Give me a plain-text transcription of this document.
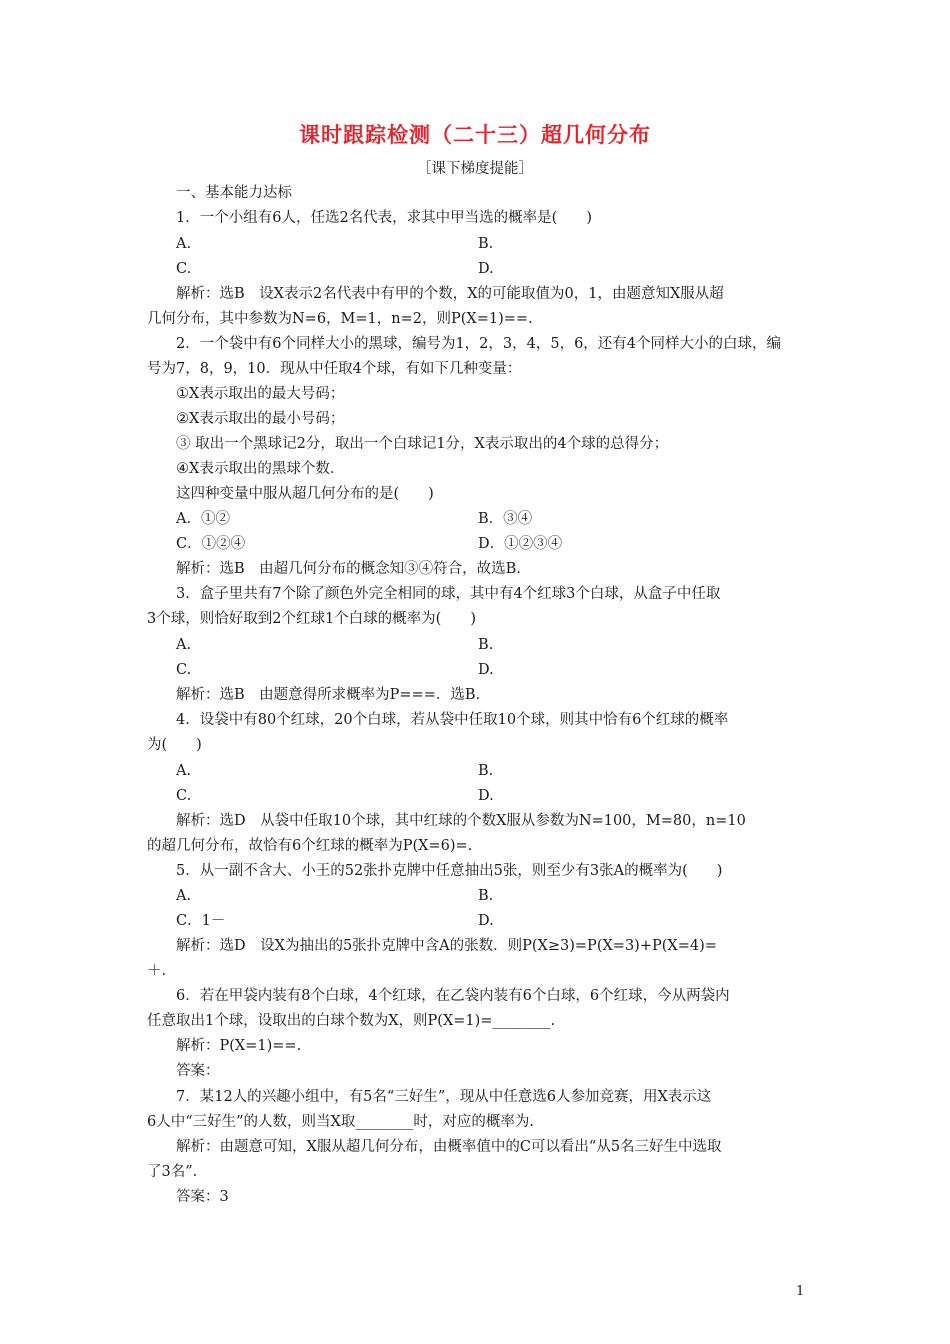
课时跟踪检测（二十三）超几何分布
［课下梯度提能］
一、基本能力达标
1．一个小组有6人，任选2名代表，求其中甲当选的概率是(　　)
A.	B.
C.	D.
解析：选B　设X表示2名代表中有甲的个数，X的可能取值为0，1，由题意知X服从超
几何分布，其中参数为N=6，M=1，n=2，则P(X=1)==.
2．一个袋中有6个同样大小的黑球，编号为1，2，3，4，5，6，还有4个同样大小的白球，编
号为7，8，9，10．现从中任取4个球，有如下几种变量：
①X表示取出的最大号码；
②X表示取出的最小号码；
③ 取出一个黑球记2分，取出一个白球记1分，X表示取出的4个球的总得分；
④X表示取出的黑球个数．
这四种变量中服从超几何分布的是(　　)
A．①②	B．③④
C．①②④	D．①②③④
解析：选B　由超几何分布的概念知③④符合，故选B.
3．盒子里共有7个除了颜色外完全相同的球，其中有4个红球3个白球，从盒子中任取
3个球，则恰好取到2个红球1个白球的概率为(　　)
A.	B.
C.	D.
解析：选B　由题意得所求概率为P===．选B.
4．设袋中有80个红球，20个白球，若从袋中任取10个球，则其中恰有6个红球的概率
为(　　)
A.	B.
C.	D.
解析：选D　从袋中任取10个球，其中红球的个数X服从参数为N=100，M=80，n=10
的超几何分布，故恰有6个红球的概率为P(X=6)=.
5．从一副不含大、小王的52张扑克牌中任意抽出5张，则至少有3张A的概率为(　　)
A.	B.
C．1－	D.
解析：选D　设X为抽出的5张扑克牌中含A的张数．则P(X≥3)=P(X=3)+P(X=4)=
＋.
6．若在甲袋内装有8个白球，4个红球，在乙袋内装有6个白球，6个红球，今从两袋内
任意取出1个球，设取出的白球个数为X，则P(X=1)=________.
解析：P(X=1)==.
答案：
7．某12人的兴趣小组中，有5名“三好生”，现从中任意选6人参加竞赛，用X表示这
6人中“三好生”的人数，则当X取________时，对应的概率为.
解析：由题意可知，X服从超几何分布，由概率值中的C可以看出“从5名三好生中选取
了3名”.
答案：3
1
